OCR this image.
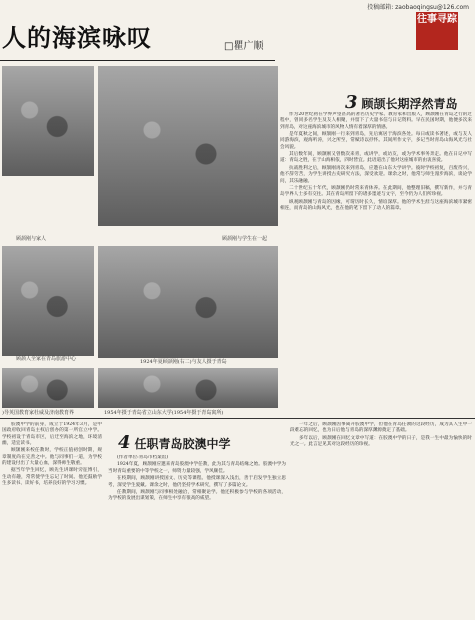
投稿邮箱: zaobaoqingsu@126.com
人的海滨咏叹	□瞿广顺
往事寻踪
顾颉刚与家人	顾颉刚与学生在一起
顾颉人全家在青岛旅游中心	1924年夏顾颉刚(右二)与友人摄于青岛
)导英国教育家杜威及济南教育界	1954年摄于青岛省立山东大学(1954年摄于青岛寓所)
3 顾颉长期浮然青岛

作为20世纪初在学界声望甚高的著名历史学家、教育家和出版人，顾颉刚在青岛之行的过程中，曾同多名学生及友人相聚，并留下了大量书信与日记资料。早在民国时期，他便多次来到青岛，对这座海滨城市的风物人情有着深厚的情感。

是年夏秋之间，顾颉刚一行来到青岛，先后寓居于海滨各处。每日或读书著述，或与友人同游海滨，观海听涛，兴之所至，常赋诗以抒怀。其间所作文字，多记当时青岛山海风光与社会风貌。

其后数年间，顾颉刚又曾数次来青，或讲学，或访友，或为学术事务奔走。他在日记中写道：青岛之胜，在于山海相依，四时皆宜。此语道出了他对这座城市的由衷喜爱。

抗战胜利之后，顾颉刚再次来到青岛，应邀在山东大学讲学。彼时学校初复，百废待兴，他不辞劳苦，为学生讲授古史研究方法，深受欢迎。课余之时，他常与师生漫步海滨，谈论学问，其乐融融。

二十世纪五十年代，顾颉刚仍时常来青休养。在此期间，他整理旧稿，撰写新作，并与青岛学界人士多有交往。其在青岛所留下的诸多墨迹与文字，至今仍为人们所珍视。

纵观顾颉刚与青岛的因缘，可谓历时长久，情谊深厚。他的学术生涯与这座海滨城市紧密相连，而青岛的山海风光，也在他的笔下留下了动人的篇章。

胶澳中学的前身，成立于1924年3月，是中国政府收回青岛主权后创办的第一所官立中学。学校初设于青岛市区，后迁至海滨之地，环境清幽，适宜读书。

顾颉刚来校任教时，学校正值初创时期，规章制度尚在完善之中。他与同事们一道，为学校的建设付出了大量心血，深得师生敬重。

据当年学生回忆，顾先生讲课时旁征博引，生动有趣，常常使学生忘记了时间。他还鼓励学生多读书、读好书，培养良好的学习习惯。

4 任职青岛胶澳中学

(作者单位:青岛市档案馆)

1924年夏，顾颉刚应邀来青岛胶澳中学任教，此为其与青岛结缘之始。胶澳中学为当时青岛重要的中等学校之一，师资力量较强，学风颇佳。

在校期间，顾颉刚讲授国文、历史等课程。他授课深入浅出，善于启发学生独立思考，深受学生爱戴。课余之时，他仍坚持学术研究，撰写了多篇论文。

任教期间，顾颉刚与同事相处融洽，常相聚论学。他还积极参与学校的各项活动，为学校的发展出谋划策，在师生中享有很高的威望。

一年之后，顾颉刚因事离开胶澳中学，但他在青岛任教的这段经历，成为其人生中一段难忘的回忆，也为日后他与青岛的深厚渊源奠定了基础。

多年以后，顾颉刚在回忆文章中写道：在胶澳中学的日子，是我一生中最为愉快的时光之一。此言足见其对这段经历的珍视。
